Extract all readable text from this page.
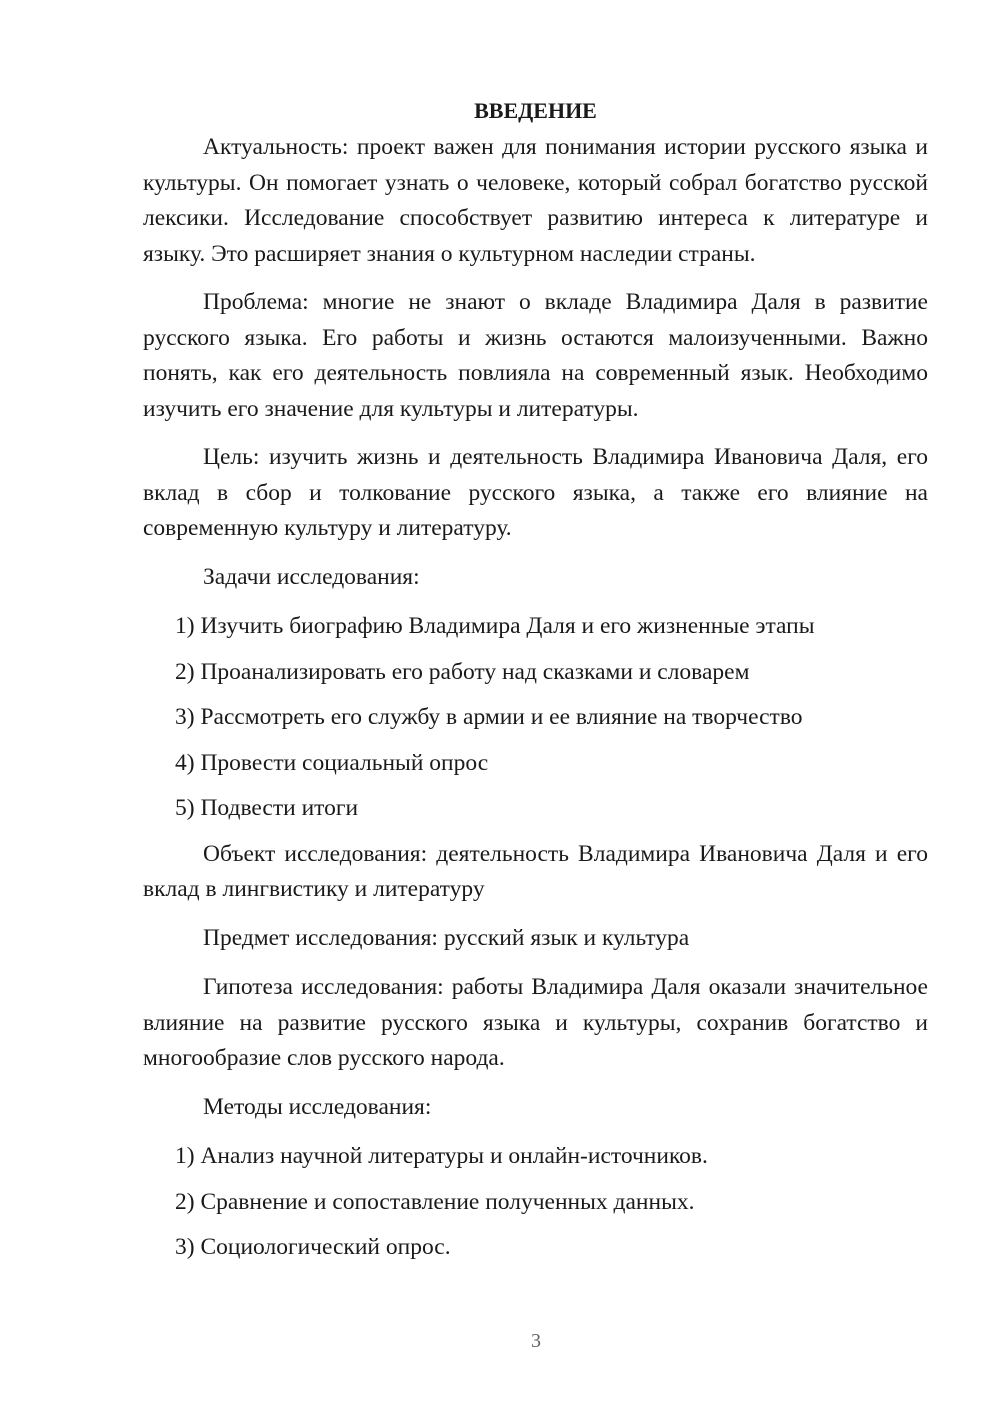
ВВЕДЕНИЕ

Актуальность: проект важен для понимания истории русского языка и культуры. Он помогает узнать о человеке, который собрал богатство русской лексики. Исследование способствует развитию интереса к литературе и языку. Это расширяет знания о культурном наследии страны.

Проблема: многие не знают о вкладе Владимира Даля в развитие русского языка. Его работы и жизнь остаются малоизученными. Важно понять, как его деятельность повлияла на современный язык. Необходимо изучить его значение для культуры и литературы.

Цель: изучить жизнь и деятельность Владимира Ивановича Даля, его вклад в сбор и толкование русского языка, а также его влияние на современную культуру и литературу.

Задачи исследования:

1) Изучить биографию Владимира Даля и его жизненные этапы

2) Проанализировать его работу над сказками и словарем

3) Рассмотреть его службу в армии и ее влияние на творчество

4) Провести социальный опрос

5) Подвести итоги

Объект исследования: деятельность Владимира Ивановича Даля и его вклад в лингвистику и литературу

Предмет исследования: русский язык и культура

Гипотеза исследования: работы Владимира Даля оказали значительное влияние на развитие русского языка и культуры, сохранив богатство и многообразие слов русского народа.

Методы исследования:

1) Анализ научной литературы и онлайн-источников.

2) Сравнение и сопоставление полученных данных.

3) Социологический опрос.

3
